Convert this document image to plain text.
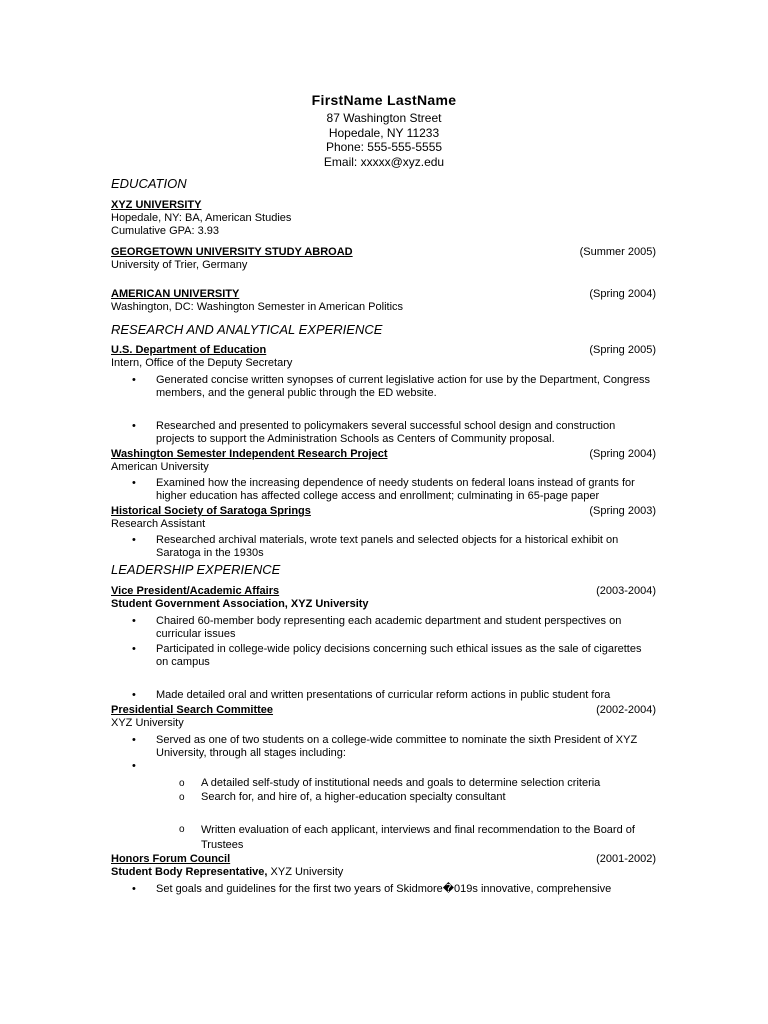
FirstName LastName
87 Washington Street
Hopedale, NY 11233
Phone: 555-555-5555
Email: xxxxx@xyz.edu
EDUCATION
XYZ UNIVERSITY
Hopedale, NY: BA, American Studies
Cumulative GPA: 3.93
GEORGETOWN UNIVERSITY STUDY ABROAD	(Summer 2005)
University of Trier, Germany
AMERICAN UNIVERSITY	(Spring 2004)
Washington, DC: Washington Semester in American Politics
RESEARCH AND ANALYTICAL EXPERIENCE
U.S. Department of Education	(Spring 2005)
Intern, Office of the Deputy Secretary
• Generated concise written synopses of current legislative action for use by the Department, Congress members, and the general public through the ED website.
• Researched and presented to policymakers several successful school design and construction projects to support the Administration Schools as Centers of Community proposal.
Washington Semester Independent Research Project	(Spring 2004)
American University
• Examined how the increasing dependence of needy students on federal loans instead of grants for higher education has affected college access and enrollment; culminating in 65-page paper
Historical Society of Saratoga Springs	(Spring 2003)
Research Assistant
• Researched archival materials, wrote text panels and selected objects for a historical exhibit on Saratoga in the 1930s
LEADERSHIP EXPERIENCE
Vice President/Academic Affairs	(2003-2004)
Student Government Association, XYZ University
• Chaired 60-member body representing each academic department and student perspectives on curricular issues
• Participated in college-wide policy decisions concerning such ethical issues as the sale of cigarettes on campus
• Made detailed oral and written presentations of curricular reform actions in public student fora
Presidential Search Committee	(2002-2004)
XYZ University
• Served as one of two students on a college-wide committee to nominate the sixth President of XYZ University, through all stages including:
•
o A detailed self-study of institutional needs and goals to determine selection criteria
o Search for, and hire of, a higher-education specialty consultant
o Written evaluation of each applicant, interviews and final recommendation to the Board of Trustees
Honors Forum Council	(2001-2002)
Student Body Representative, XYZ University
• Set goals and guidelines for the first two years of Skidmore�019s innovative, comprehensive
